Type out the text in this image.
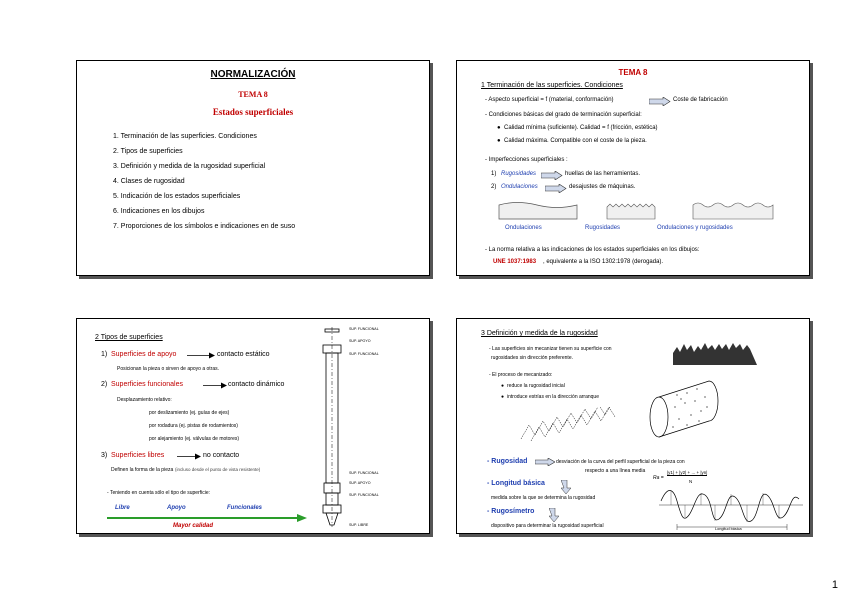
NORMALIZACIÓN
TEMA 8
Estados superficiales
1. Terminación de las superficies. Condiciones
2. Tipos de superficies
3. Definición y medida de la rugosidad superficial
4. Clases de rugosidad
5. Indicación de los estados superficiales
6. Indicaciones en los dibujos
7. Proporciones de los símbolos e indicaciones en de suso
TEMA 8
1 Terminación de las superficies. Condiciones
- Aspecto superficial = f (material, conformación)	Coste de fabricación
- Condiciones básicas del grado de terminación superficial:
● Calidad mínima (suficiente). Calidad = f (fricción, estética)
● Calidad máxima. Compatible con el coste de la pieza.
- Imperfecciones superficiales :
1) Rugosidades	huellas de las herramientas.
2) Ondulaciones	desajustes de máquinas.
Ondulaciones	Rugosidades	Ondulaciones y rugosidades
- La norma relativa a las indicaciones de los estados superficiales en los dibujos:
UNE 1037:1983 , equivalente a la ISO 1302:1978 (derogada).
2 Tipos de superficies
1) Superficies de apoyo	contacto estático
Posicionan la pieza o sirven de apoyo a otras.
2) Superficies funcionales	contacto dinámico
Desplazamiento relativo:
por deslizamiento (ej. guías de ejes)
por rodadura (ej. pistas de rodamientos)
por alejamiento (ej. válvulas de motores)
3) Superficies libres	no contacto
Definen la forma de la pieza (incluso desde el punto de vista resistente)
- Teniendo en cuenta sólo el tipo de superficie:
Libre	Apoyo	Funcionales
Mayor calidad
SUP. FUNCIONAL
SUP. APOYO
SUP. FUNCIONAL
SUP. FUNCIONAL
SUP. APOYO
SUP. FUNCIONAL
SUP. LIBRE
3 Definición y medida de la rugosidad
- Las superficies sin mecanizar tienen su superficie con
rugosidades sin dirección preferente.
- El proceso de mecanizado:
● reduce la rugosidad inicial
● introduce estrías en la dirección arranque
- Rugosidad	desviación de la curva del perfil superficial de la pieza con
respecto a una línea media
- Longitud básica
medida sobre la que se determina la rugosidad
- Rugosímetro
dispositivo para determinar la rugosidad superficial
Ra =
|y1| + |y2| + ... + |yn|
N
Longitud básica
1
